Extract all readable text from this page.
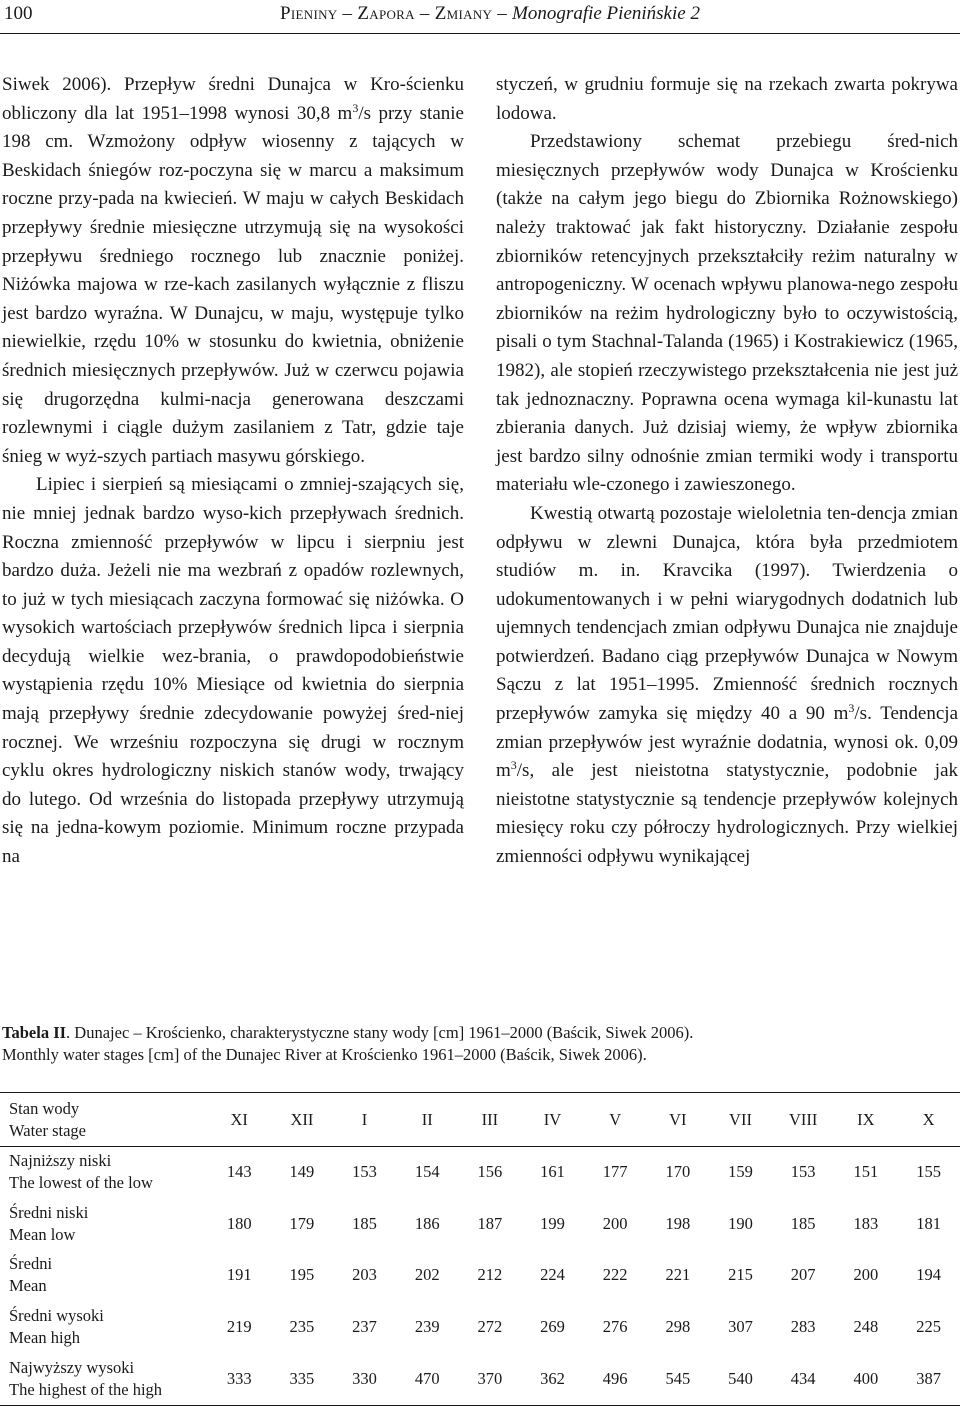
100	Pieniny – Zapora – Zmiany – Monografie Pienińskie 2

Siwek 2006). Przepływ średni Dunajca w Kro-ścienku obliczony dla lat 1951–1998 wynosi 30,8 $m^3/s$ przy stanie 198 cm. Wzmożony odpływ wiosenny z tających w Beskidach śniegów roz-poczyna się w marcu a maksimum roczne przy-pada na kwiecień. W maju w całych Beskidach przepływy średnie miesięczne utrzymują się na wysokości przepływu średniego rocznego lub znacznie poniżej. Niżówka majowa w rze-kach zasilanych wyłącznie z fliszu jest bardzo wyraźna. W Dunajcu, w maju, występuje tylko niewielkie, rzędu 10% w stosunku do kwietnia, obniżenie średnich miesięcznych przepływów. Już w czerwcu pojawia się drugorzędna kulmi-nacja generowana deszczami rozlewnymi i ciągle dużym zasilaniem z Tatr, gdzie taje śnieg w wyż-szych partiach masywu górskiego.

Lipiec i sierpień są miesiącami o zmniej-szających się, nie mniej jednak bardzo wyso-kich przepływach średnich. Roczna zmienność przepływów w lipcu i sierpniu jest bardzo duża. Jeżeli nie ma wezbrań z opadów rozlewnych, to już w tych miesiącach zaczyna formować się niżówka. O wysokich wartościach przepływów średnich lipca i sierpnia decydują wielkie wez-brania, o prawdopodobieństwie wystąpienia rzędu 10% Miesiące od kwietnia do sierpnia mają przepływy średnie zdecydowanie powyżej śred-niej rocznej. We wrześniu rozpoczyna się drugi w rocznym cyklu okres hydrologiczny niskich stanów wody, trwający do lutego. Od września do listopada przepływy utrzymują się na jedna-kowym poziomie. Minimum roczne przypada na

styczeń, w grudniu formuje się na rzekach zwarta pokrywa lodowa.

Przedstawiony schemat przebiegu śred-nich miesięcznych przepływów wody Dunajca w Krościenku (także na całym jego biegu do Zbiornika Rożnowskiego) należy traktować jak fakt historyczny. Działanie zespołu zbiorników retencyjnych przekształciły reżim naturalny w antropogeniczny. W ocenach wpływu planowa-nego zespołu zbiorników na reżim hydrologiczny było to oczywistością, pisali o tym Stachnal-Talanda (1965) i Kostrakiewicz (1965, 1982), ale stopień rzeczywistego przekształcenia nie jest już tak jednoznaczny. Poprawna ocena wymaga kil-kunastu lat zbierania danych. Już dzisiaj wiemy, że wpływ zbiornika jest bardzo silny odnośnie zmian termiki wody i transportu materiału wle-czonego i zawieszonego.

Kwestią otwartą pozostaje wieloletnia ten-dencja zmian odpływu w zlewni Dunajca, która była przedmiotem studiów m. in. Kravcika (1997). Twierdzenia o udokumentowanych i w pełni wiarygodnych dodatnich lub ujemnych tendencjach zmian odpływu Dunajca nie znajduje potwierdzeń. Badano ciąg przepływów Dunajca w Nowym Sączu z lat 1951–1995. Zmienność średnich rocznych przepływów zamyka się między 40 a 90 $m^3/s$. Tendencja zmian przepływów jest wyraźnie dodatnia, wynosi ok. 0,09 $m^3/s$, ale jest nieistotna statystycznie, podobnie jak nieistotne statystycznie są tendencje przepływów kolejnych miesięcy roku czy półroczy hydrologicznych. Przy wielkiej zmienności odpływu wynikającej

Tabela II. Dunajec – Krościenko, charakterystyczne stany wody [cm] 1961–2000 (Baścik, Siwek 2006).
Monthly water stages [cm] of the Dunajec River at Krościenko 1961–2000 (Baścik, Siwek 2006).
Stan wody
Water stage	XI	XII	I	II	III	IV	V	VI	VII	VIII	IX	X

Najniższy niski
The lowest of the low	143	149	153	154	156	161	177	170	159	153	151	155

Średni niski
Mean low	180	179	185	186	187	199	200	198	190	185	183	181

Średni
Mean	191	195	203	202	212	224	222	221	215	207	200	194

Średni wysoki
Mean high	219	235	237	239	272	269	276	298	307	283	248	225

Najwyższy wysoki
The highest of the high	333	335	330	470	370	362	496	545	540	434	400	387
